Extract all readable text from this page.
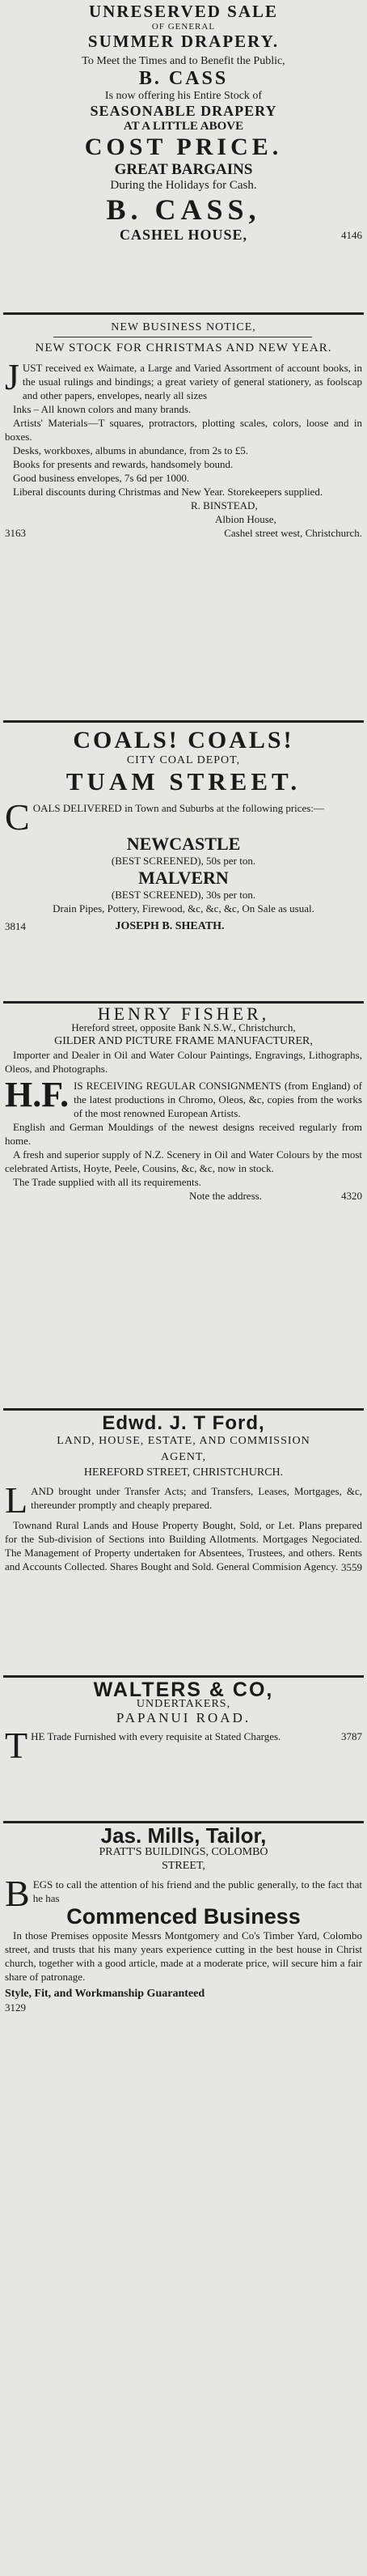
UNRESERVED SALE
OF GENERAL
SUMMER DRAPERY.
To Meet the Times and to Benefit the Public,
B. CASS
Is now offering his Entire Stock of
SEASONABLE DRAPERY
AT A LITTLE ABOVE
COST PRICE.
GREAT BARGAINS
During the Holidays for Cash.
B. CASS,
CASHEL HOUSE,	4146
NEW BUSINESS NOTICE,
NEW STOCK FOR CHRISTMAS AND NEW YEAR.

JUST received ex Waimate, a Large and Varied Assortment of account books, in the usual rulings and bindings; a great variety of general stationery, as foolscap and other papers, envelopes, nearly all sizes

Inks – All known colors and many brands.

Artists' Materials—T squares, protractors, plotting scales, colors, loose and in boxes.

Desks, workboxes, albums in abundance, from 2s to £5.

Books for presents and rewards, handsomely bound.

Good business envelopes, 7s 6d per 1000.

Liberal discounts during Christmas and New Year. Storekeepers supplied.

R. BINSTEAD,
Albion House,
3163	Cashel street west, Christchurch.
COALS! COALS!
CITY COAL DEPOT,
TUAM STREET.

COALS DELIVERED in Town and Suburbs at the following prices:—

NEWCASTLE
(BEST SCREENED), 50s per ton.
MALVERN
(BEST SCREENED), 30s per ton.

Drain Pipes, Pottery, Firewood, &c, &c, &c, On Sale as usual.

3814	JOSEPH B. SHEATH.
HENRY FISHER,
Hereford street, opposite Bank N.S.W., Christchurch,
GILDER AND PICTURE FRAME MANUFACTURER,

Importer and Dealer in Oil and Water Colour Paintings, Engravings, Lithographs, Oleos, and Photographs.

H.F. IS RECEIVING REGULAR CONSIGNMENTS (from England) of the latest productions in Chromo, Oleos, &c, copies from the works of the most renowned European Artists.

English and German Mouldings of the newest designs received regularly from home.

A fresh and superior supply of N.Z. Scenery in Oil and Water Colours by the most celebrated Artists, Hoyte, Peele, Cousins, &c, &c, now in stock.

The Trade supplied with all its requirements.

Note the address.	4320
Edwd. J. T Ford,
LAND, HOUSE, ESTATE, AND COMMISSION AGENT,
HEREFORD STREET, CHRISTCHURCH.

LAND brought under Transfer Acts; and Transfers, Leases, Mortgages, &c, thereunder promptly and cheaply prepared.

Townand Rural Lands and House Property Bought, Sold, or Let. Plans prepared for the Sub-division of Sections into Building Allotments. Mortgages Negociated. The Management of Property undertaken for Absentees, Trustees, and others. Rents and Accounts Collected. Shares Bought and Sold. General Commision Agency. 3559
WALTERS & CO,
UNDERTAKERS,
PAPANUI ROAD.

THE Trade Furnished with every requisite at Stated Charges.	3787
Jas. Mills, Tailor,
PRATT'S BUILDINGS, COLOMBO
STREET,

BEGS to call the attention of his friend and the public generally, to the fact that he has

Commenced Business

In those Premises opposite Messrs Montgomery and Co's Timber Yard, Colombo street, and trusts that his many years experience cutting in the best house in Christ church, together with a good article, made at a moderate price, will secure him a fair share of patronage.

Style, Fit, and Workmanship Guaranteed
3129
